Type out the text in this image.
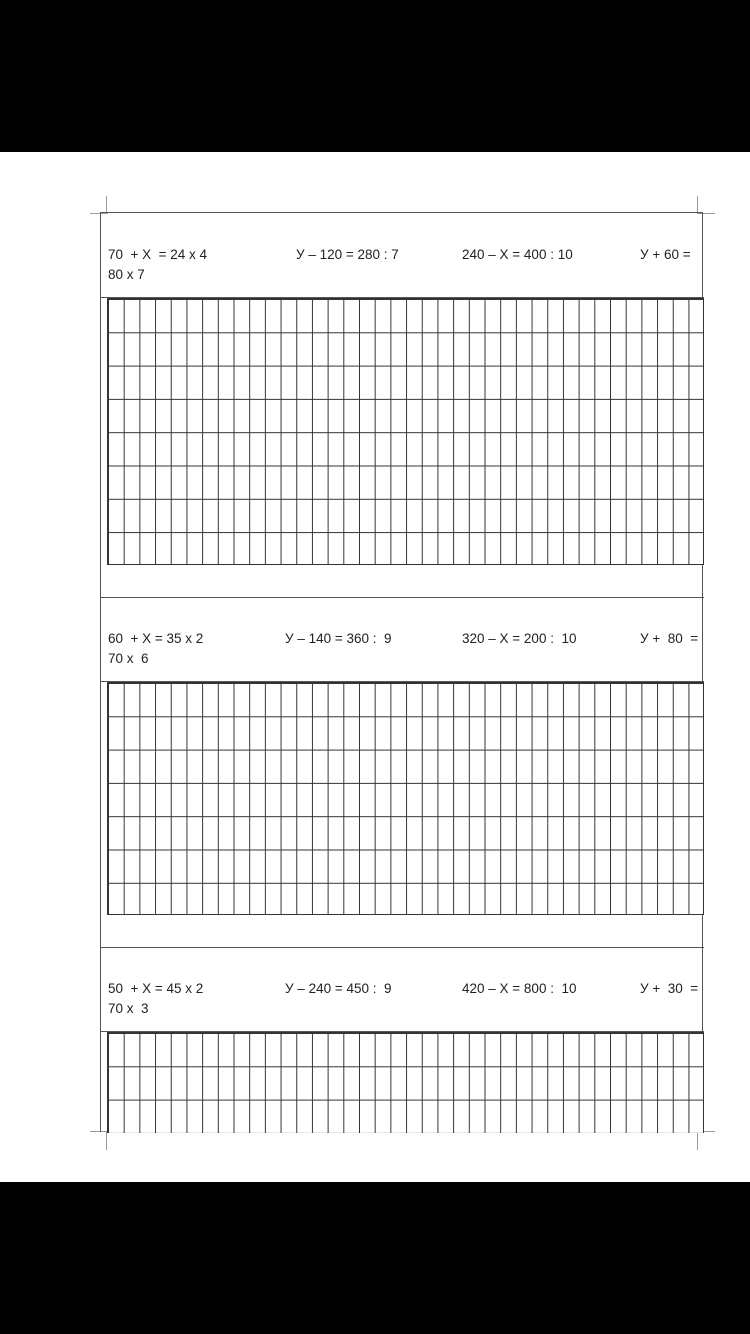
70  + X  = 24 x 4
80 x 7
У – 120 = 280 : 7	240 – X = 400 : 10	У + 60 =
60  + X = 35 x 2
70 x  6
У – 140 = 360 :  9	320 – X = 200 :  10	У +  80  =
50  + X = 45 x 2
70 x  3
У – 240 = 450 :  9	420 – X = 800 :  10	У +  30  =
